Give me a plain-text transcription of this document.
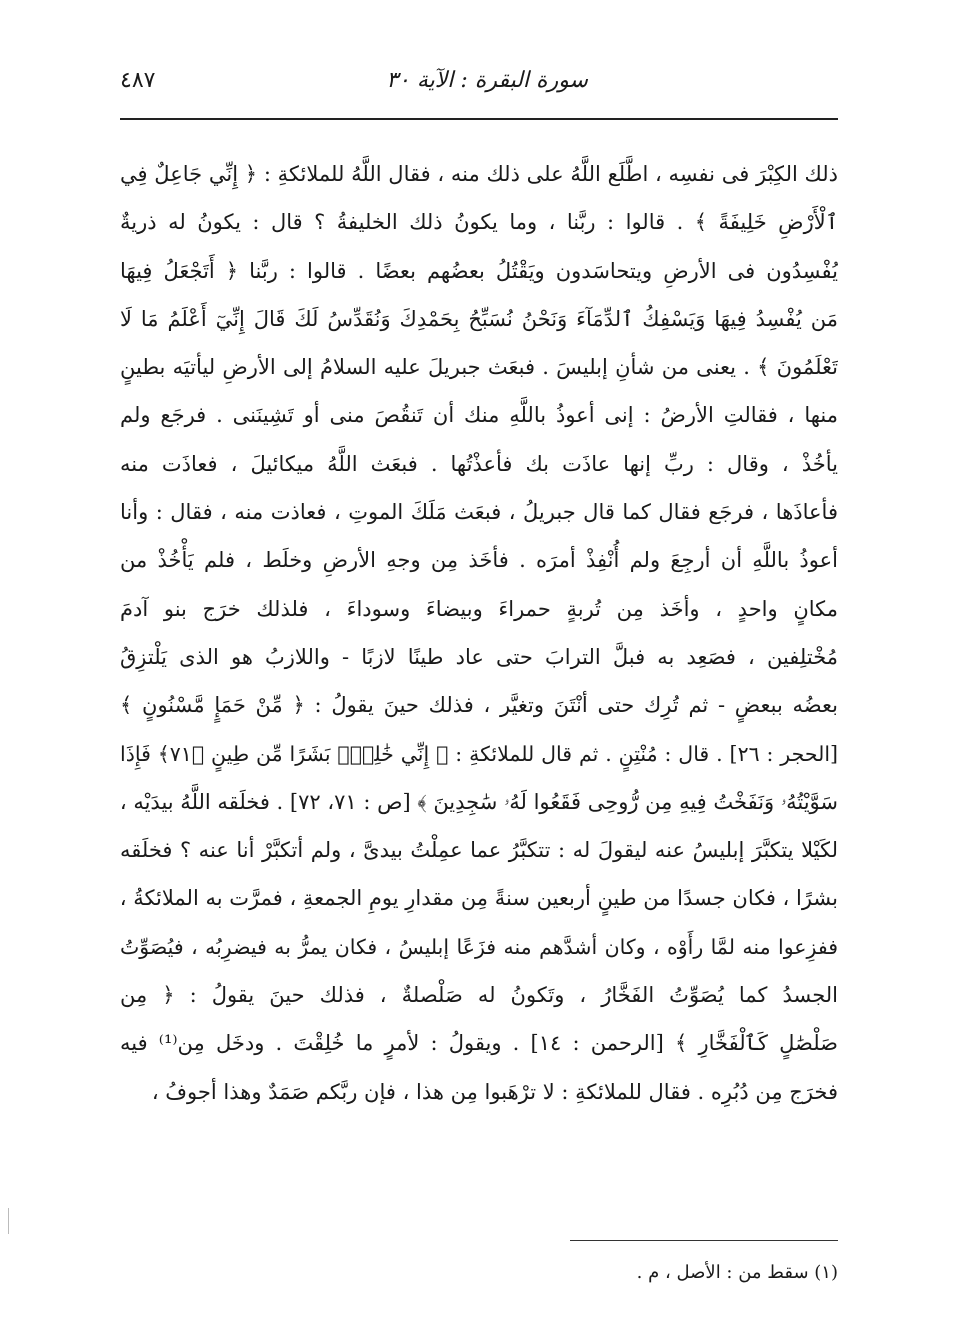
سورة البقرة : الآية ٣٠
٤٨٧
ذلك الكِبْرَ فى نفسِه ، اطَّلَع اللَّهُ على ذلك منه ، فقال اللَّهُ للملائكةِ : ﴿ إِنِّي جَاعِلٌ فِي
ٱلْأَرْضِ خَلِيفَةً ﴾ . قالوا : ربَّنا ، وما يكونُ ذلك الخليفةُ ؟ قال : يكونُ له ذريةٌ
يُفْسِدُون فى الأرضِ ويتحاسَدون ويَقْتُلُ بعضُهم بعضًا . قالوا : ربَّنا ﴿ أَتَجْعَلُ فِيهَا
مَن يُفْسِدُ فِيهَا وَيَسْفِكُ ٱلدِّمَآءَ وَنَحْنُ نُسَبِّحُ بِحَمْدِكَ وَنُقَدِّسُ لَكَ قَالَ إِنِّيٓ أَعْلَمُ مَا لَا
تَعْلَمُونَ ﴾ . يعنى من شأنِ إبليسَ . فبعَث جبريلَ عليه السلامُ إلى الأرضِ ليأتيَه بطينٍ
منها ، فقالتِ الأرضُ : إنى أعوذُ باللَّهِ منك أن تَنقُصَ منى أو تَشِينَنى . فرجَع ولم
يأخُذْ ، وقال : ربِّ إنها عاذَت بك فأعذْتُها . فبعَث اللَّهُ ميكائيلَ ، فعاذَت منه
فأعاذَها ، فرجَع فقال كما قال جبريلُ ، فبعَث مَلَكَ الموتِ ، فعاذت منه ، فقال : وأنا
أعوذُ باللَّهِ أن أرجِعَ ولم أُنْفِذْ أمرَه . فأخَذ مِن وجهِ الأرضِ وخلَط ، فلم يَأْخُذْ من
مكانٍ واحدٍ ، وأخَذ مِن تُربةٍ حمراءَ وبيضاءَ وسوداءَ ، فلذلك خرَج بنو آدمَ
مُخْتلِفين ، فصَعِد به فبلَّ الترابَ حتى عاد طينًا لازبًا - واللازبُ هو الذى يَلْتزِقُ
بعضُه ببعضٍ - ثم تُرِك حتى أنْتَنَ وتغيَّر ، فذلك حينَ يقولُ : ﴿ مِّنْ حَمَإٍ مَّسْنُونٍ ﴾
[الحجر : ٢٦] . قال : مُنْتِنٍ . ثم قال للملائكةِ : ﴿ إِنِّي خَٰلِقٌۢ بَشَرًا مِّن طِينٍ ﴿٧١﴾ فَإِذَا
سَوَّيْتُهُۥ وَنَفَخْتُ فِيهِ مِن رُّوحِى فَقَعُوا لَهُۥ سَٰجِدِينَ ﴾ [ص : ٧١، ٧٢] . فخلَقه اللَّهُ بيدَيْه ،
لكَيْلا يتكبَّرَ إبليسُ عنه ليقولَ له : تتكبَّرُ عما عمِلْتُ بيدىَّ ، ولم أتكبَّرْ أنا عنه ؟ فخلَقه
بشرًا ، فكان جسدًا من طينٍ أربعين سنةً مِن مقدارِ يومِ الجمعةِ ، فمرَّت به الملائكةُ ،
ففزِعوا منه لمَّا رأَوْه ، وكان أشدَّهم منه فزَعًا إبليسُ ، فكان يمرُّ به فيضرِبُه ، فيُصَوِّتُ
الجسدُ كما يُصَوِّتُ الفَخَّارُ ، وتَكونُ له صَلْصلةٌ ، فذلك حينَ يقولُ : ﴿ مِن
صَلْصَٰلٍ كَٱلْفَخَّارِ ﴾ [الرحمن : ١٤] . ويقولُ : لأمرٍ ما خُلِقْتَ . ودخَل مِن⁽¹⁾ فيه
فخرَج مِن دُبُرِه . فقال للملائكةِ : لا ترْهَبوا مِن هذا ، فإن ربَّكم صَمَدٌ وهذا أجوفُ ،
(١) سقط من : الأصل ، م .
